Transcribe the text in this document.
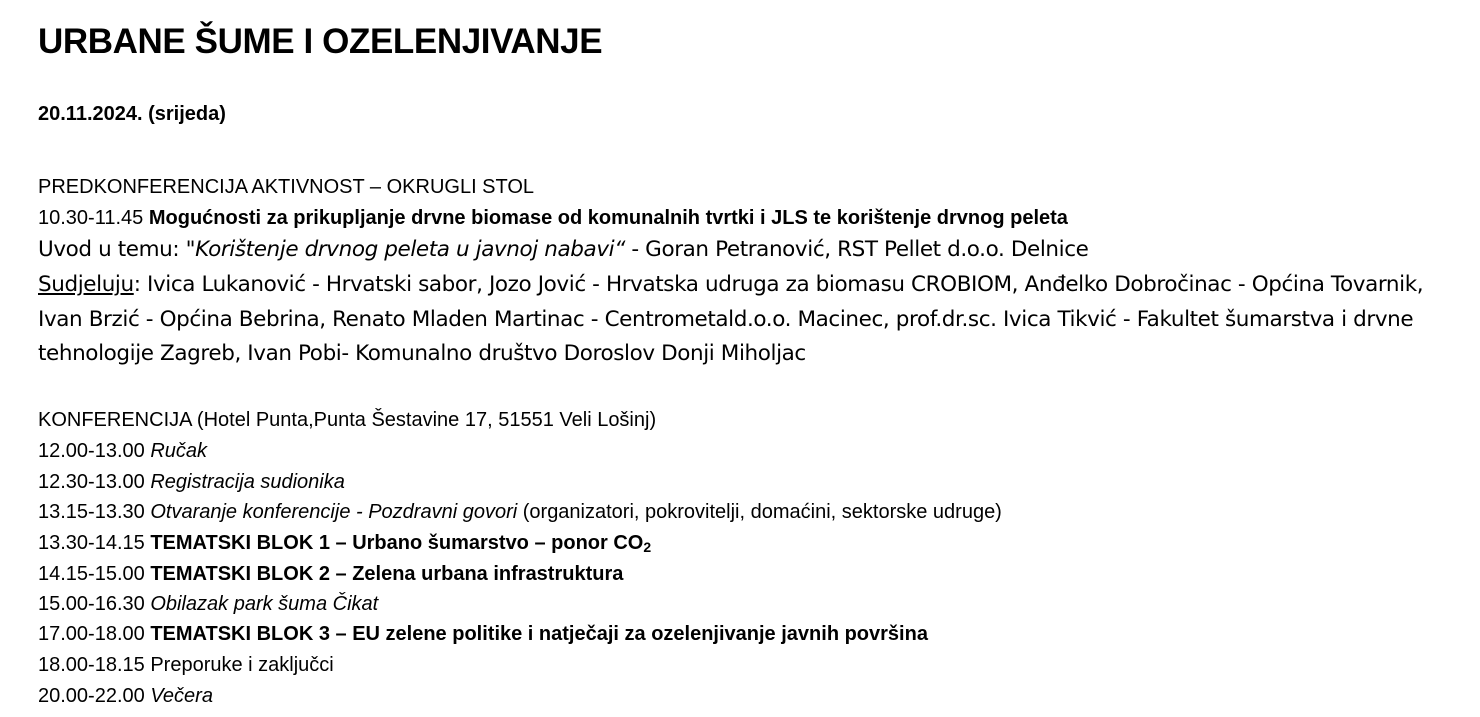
URBANE ŠUME I OZELENJIVANJE
20.11.2024. (srijeda)
PREDKONFERENCIJA AKTIVNOST – OKRUGLI STOL
10.30-11.45 Mogućnosti za prikupljanje drvne biomase od komunalnih tvrtki i JLS te korištenje drvnog peleta
Uvod u temu: "Korištenje drvnog peleta u javnoj nabavi“ - Goran Petranović, RST Pellet d.o.o. Delnice
Sudjeluju: Ivica Lukanović - Hrvatski sabor, Jozo Jović - Hrvatska udruga za biomasu CROBIOM, Anđelko Dobročinac - Općina Tovarnik, Ivan Brzić - Općina Bebrina, Renato Mladen Martinac - Centrometald.o.o. Macinec, prof.dr.sc. Ivica Tikvić - Fakultet šumarstva i drvne tehnologije Zagreb, Ivan Pobi- Komunalno društvo Doroslov Donji Miholjac
KONFERENCIJA (Hotel Punta,Punta Šestavine 17, 51551 Veli Lošinj)
12.00-13.00 Ručak
12.30-13.00 Registracija sudionika
13.15-13.30 Otvaranje konferencije - Pozdravni govori (organizatori, pokrovitelji, domaćini, sektorske udruge)
13.30-14.15 TEMATSKI BLOK 1 – Urbano šumarstvo – ponor $CO_2$
14.15-15.00 TEMATSKI BLOK 2 – Zelena urbana infrastruktura
15.00-16.30 Obilazak park šuma Čikat
17.00-18.00 TEMATSKI BLOK 3 – EU zelene politike i natječaji za ozelenjivanje javnih površina
18.00-18.15 Preporuke i zaključci
20.00-22.00 Večera
